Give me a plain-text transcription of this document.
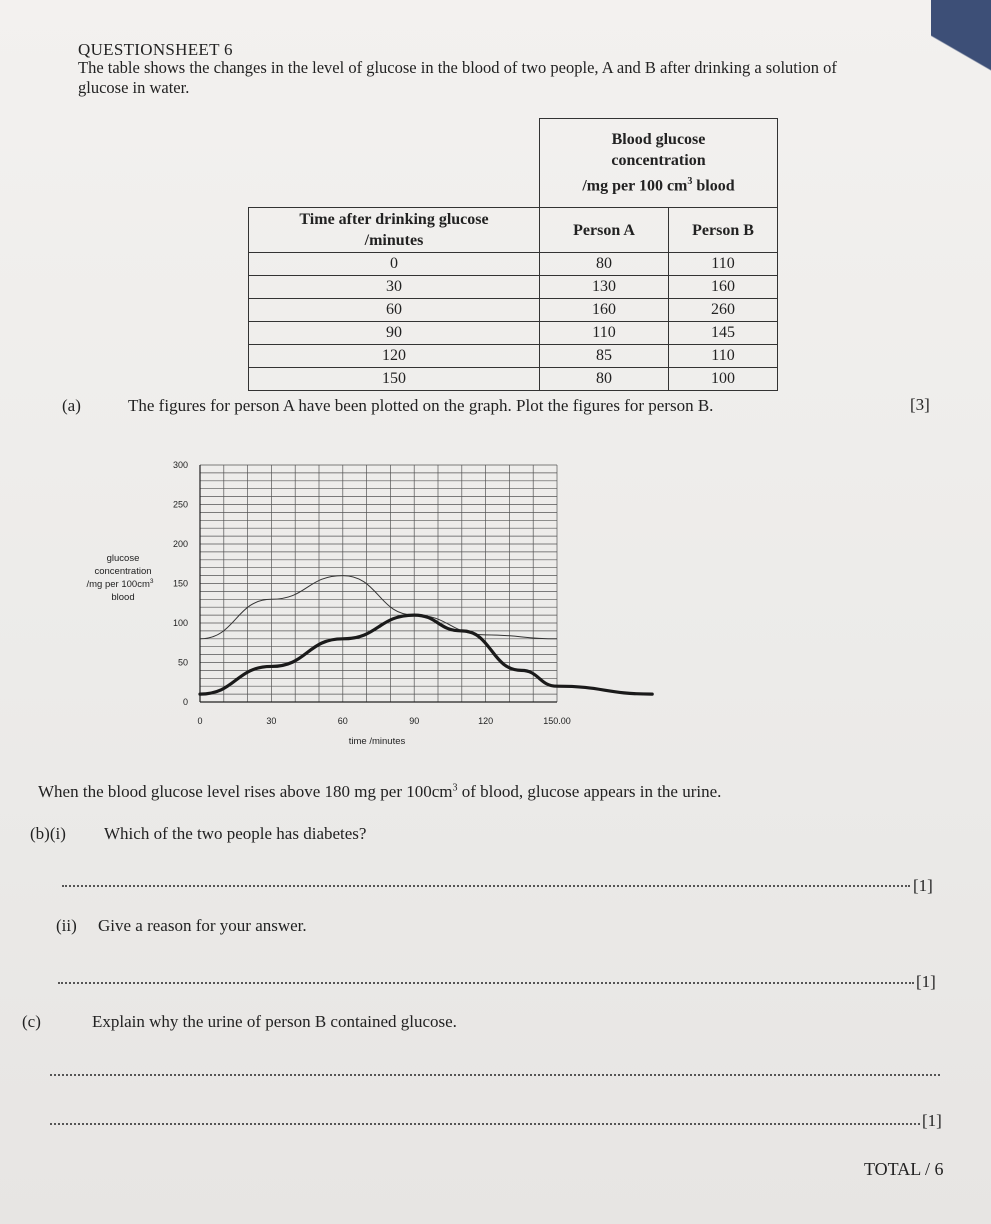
QUESTIONSHEET 6
The table shows the changes in the level of glucose in the blood of two people, A and B after drinking a solution of glucose in water.
	Blood glucose
concentration
/mg per 100 $cm^3$ blood	
Time after drinking glucose
/minutes	Person A	Person B
0	80	110
30	130	160
60	160	260
90	110	145
120	85	110
150	80	100
(a)	The figures for person A have been plotted on the graph. Plot the figures for person B.	[3]
0
50
100
150
200
250
300
0	30	60	90	120	150.00
glucose
concentration
/mg per $100cm^3$
blood
time /minutes
When the blood glucose level rises above 180 mg per $100cm^3$ of blood, glucose appears in the urine.
(b)(i) Which of the two people has diabetes?
[1]
(ii) Give a reason for your answer.
[1]
(c)	Explain why the urine of person B contained glucose.
[1]
TOTAL / 6
